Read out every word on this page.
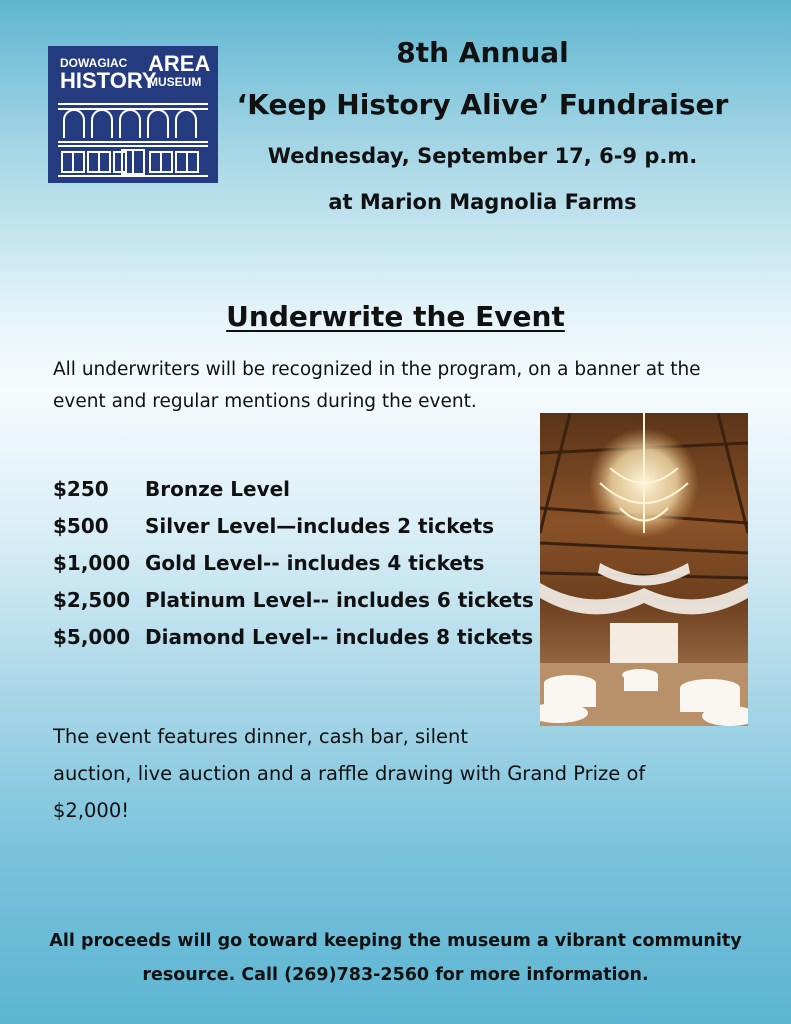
DOWAGIAC AREA
HISTORY
MUSEUM
8th Annual
‘Keep History Alive’ Fundraiser
Wednesday, September 17, 6-9 p.m.
at Marion Magnolia Farms
Underwrite the Event
All underwriters will be recognized in the program, on a banner at the
event and regular mentions during the event.
$250 Bronze Level
$500 Silver Level—includes 2 tickets
$1,000 Gold Level-- includes 4 tickets
$2,500 Platinum Level-- includes 6 tickets
$5,000 Diamond Level-- includes 8 tickets
The event features dinner, cash bar, silent
auction, live auction and a raffle drawing with Grand Prize of
$2,000!
All proceeds will go toward keeping the museum a vibrant community
resource. Call (269)783-2560 for more information.
